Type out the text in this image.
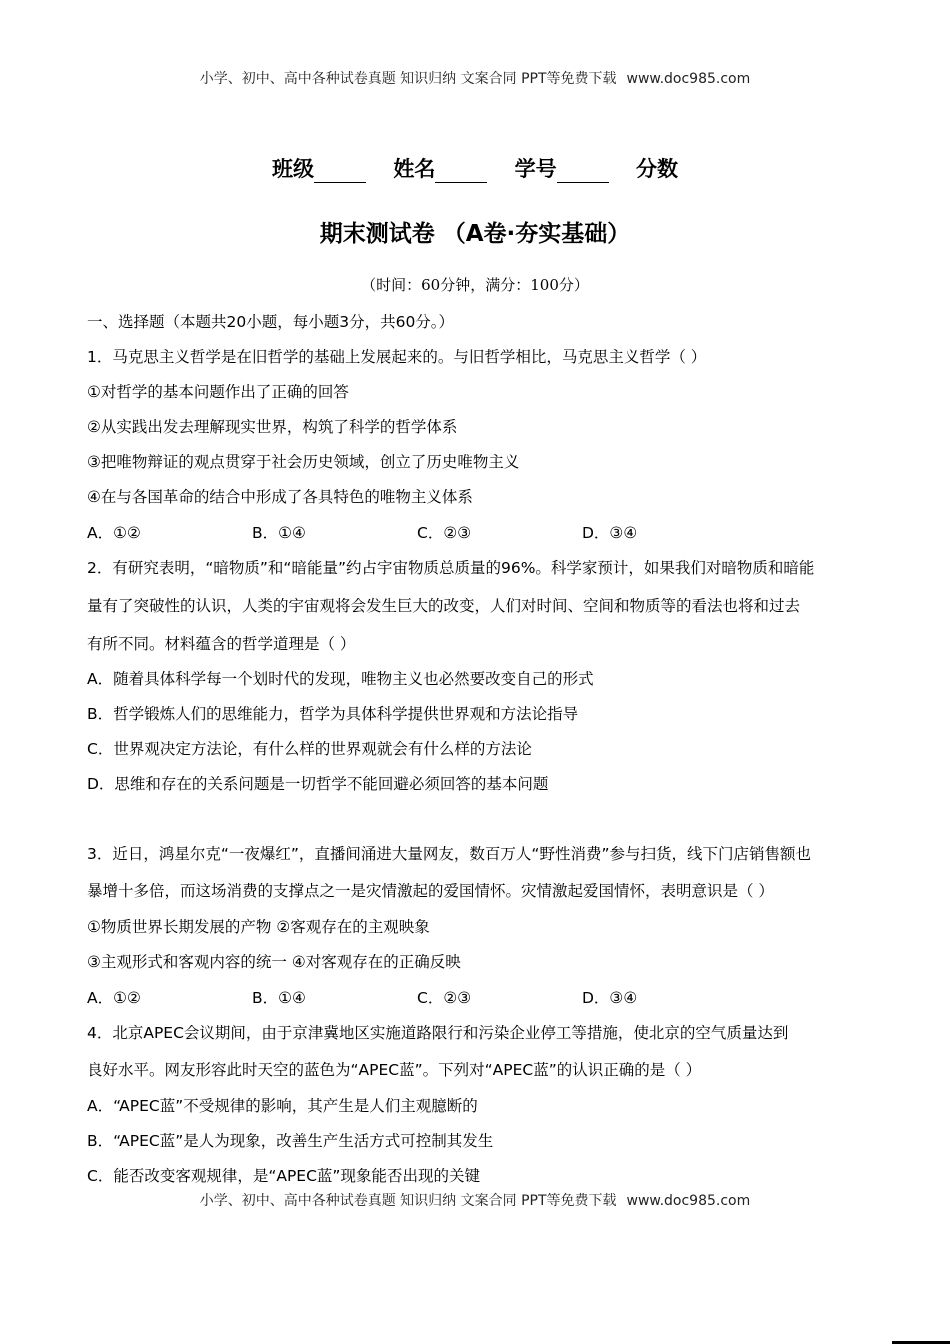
小学、初中、高中各种试卷真题 知识归纳 文案合同 PPT等免费下载 www.doc985.com
班级	姓名	学号	分数
期末测试卷 （A卷·夯实基础）
（时间：60分钟，满分：100分）
一、选择题（本题共20小题，每小题3分，共60分。）
1．马克思主义哲学是在旧哲学的基础上发展起来的。与旧哲学相比，马克思主义哲学（ ）
①对哲学的基本问题作出了正确的回答
②从实践出发去理解现实世界，构筑了科学的哲学体系
③把唯物辩证的观点贯穿于社会历史领域，创立了历史唯物主义
④在与各国革命的结合中形成了各具特色的唯物主义体系
A．①②	B．①④	C．②③	D．③④
2．有研究表明，“暗物质”和“暗能量”约占宇宙物质总质量的96%。科学家预计，如果我们对暗物质和暗能
量有了突破性的认识，人类的宇宙观将会发生巨大的改变，人们对时间、空间和物质等的看法也将和过去
有所不同。材料蕴含的哲学道理是（ ）
A．随着具体科学每一个划时代的发现，唯物主义也必然要改变自己的形式
B．哲学锻炼人们的思维能力，哲学为具体科学提供世界观和方法论指导
C．世界观决定方法论，有什么样的世界观就会有什么样的方法论
D．思维和存在的关系问题是一切哲学不能回避必须回答的基本问题
3．近日，鸿星尔克“一夜爆红”，直播间涌进大量网友，数百万人“野性消费”参与扫货，线下门店销售额也
暴增十多倍，而这场消费的支撑点之一是灾情激起的爱国情怀。灾情激起爱国情怀，表明意识是（ ）
①物质世界长期发展的产物 ②客观存在的主观映象
③主观形式和客观内容的统一 ④对客观存在的正确反映
A．①②	B．①④	C．②③	D．③④
4．北京APEC会议期间，由于京津冀地区实施道路限行和污染企业停工等措施，使北京的空气质量达到
良好水平。网友形容此时天空的蓝色为“APEC蓝”。下列对“APEC蓝”的认识正确的是（ ）
A．“APEC蓝”不受规律的影响，其产生是人们主观臆断的
B．“APEC蓝”是人为现象，改善生产生活方式可控制其发生
C．能否改变客观规律，是“APEC蓝”现象能否出现的关键
小学、初中、高中各种试卷真题 知识归纳 文案合同 PPT等免费下载 www.doc985.com
